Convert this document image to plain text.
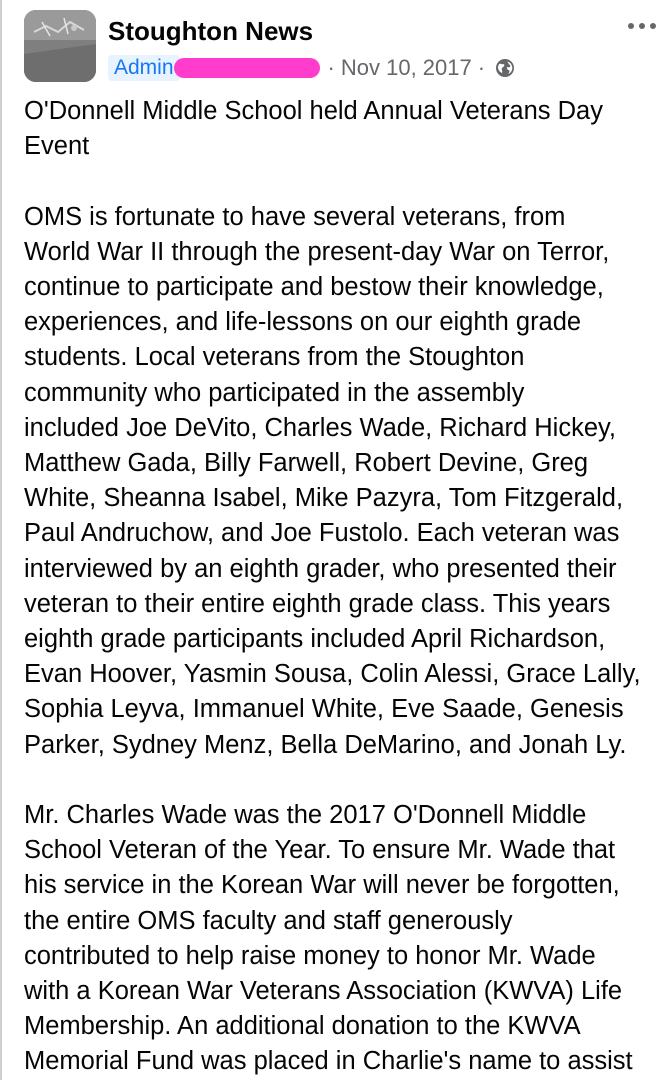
Stoughton News
Admin	· Nov 10, 2017 ·

O'Donnell Middle School held Annual Veterans Day
Event

OMS is fortunate to have several veterans, from
World War II through the present-day War on Terror,
continue to participate and bestow their knowledge,
experiences, and life-lessons on our eighth grade
students. Local veterans from the Stoughton
community who participated in the assembly
included Joe DeVito, Charles Wade, Richard Hickey,
Matthew Gada, Billy Farwell, Robert Devine, Greg
White, Sheanna Isabel, Mike Pazyra, Tom Fitzgerald,
Paul Andruchow, and Joe Fustolo. Each veteran was
interviewed by an eighth grader, who presented their
veteran to their entire eighth grade class. This years
eighth grade participants included April Richardson,
Evan Hoover, Yasmin Sousa, Colin Alessi, Grace Lally,
Sophia Leyva, Immanuel White, Eve Saade, Genesis
Parker, Sydney Menz, Bella DeMarino, and Jonah Ly.

Mr. Charles Wade was the 2017 O'Donnell Middle
School Veteran of the Year. To ensure Mr. Wade that
his service in the Korean War will never be forgotten,
the entire OMS faculty and staff generously
contributed to help raise money to honor Mr. Wade
with a Korean War Veterans Association (KWVA) Life
Membership. An additional donation to the KWVA
Memorial Fund was placed in Charlie's name to assist
